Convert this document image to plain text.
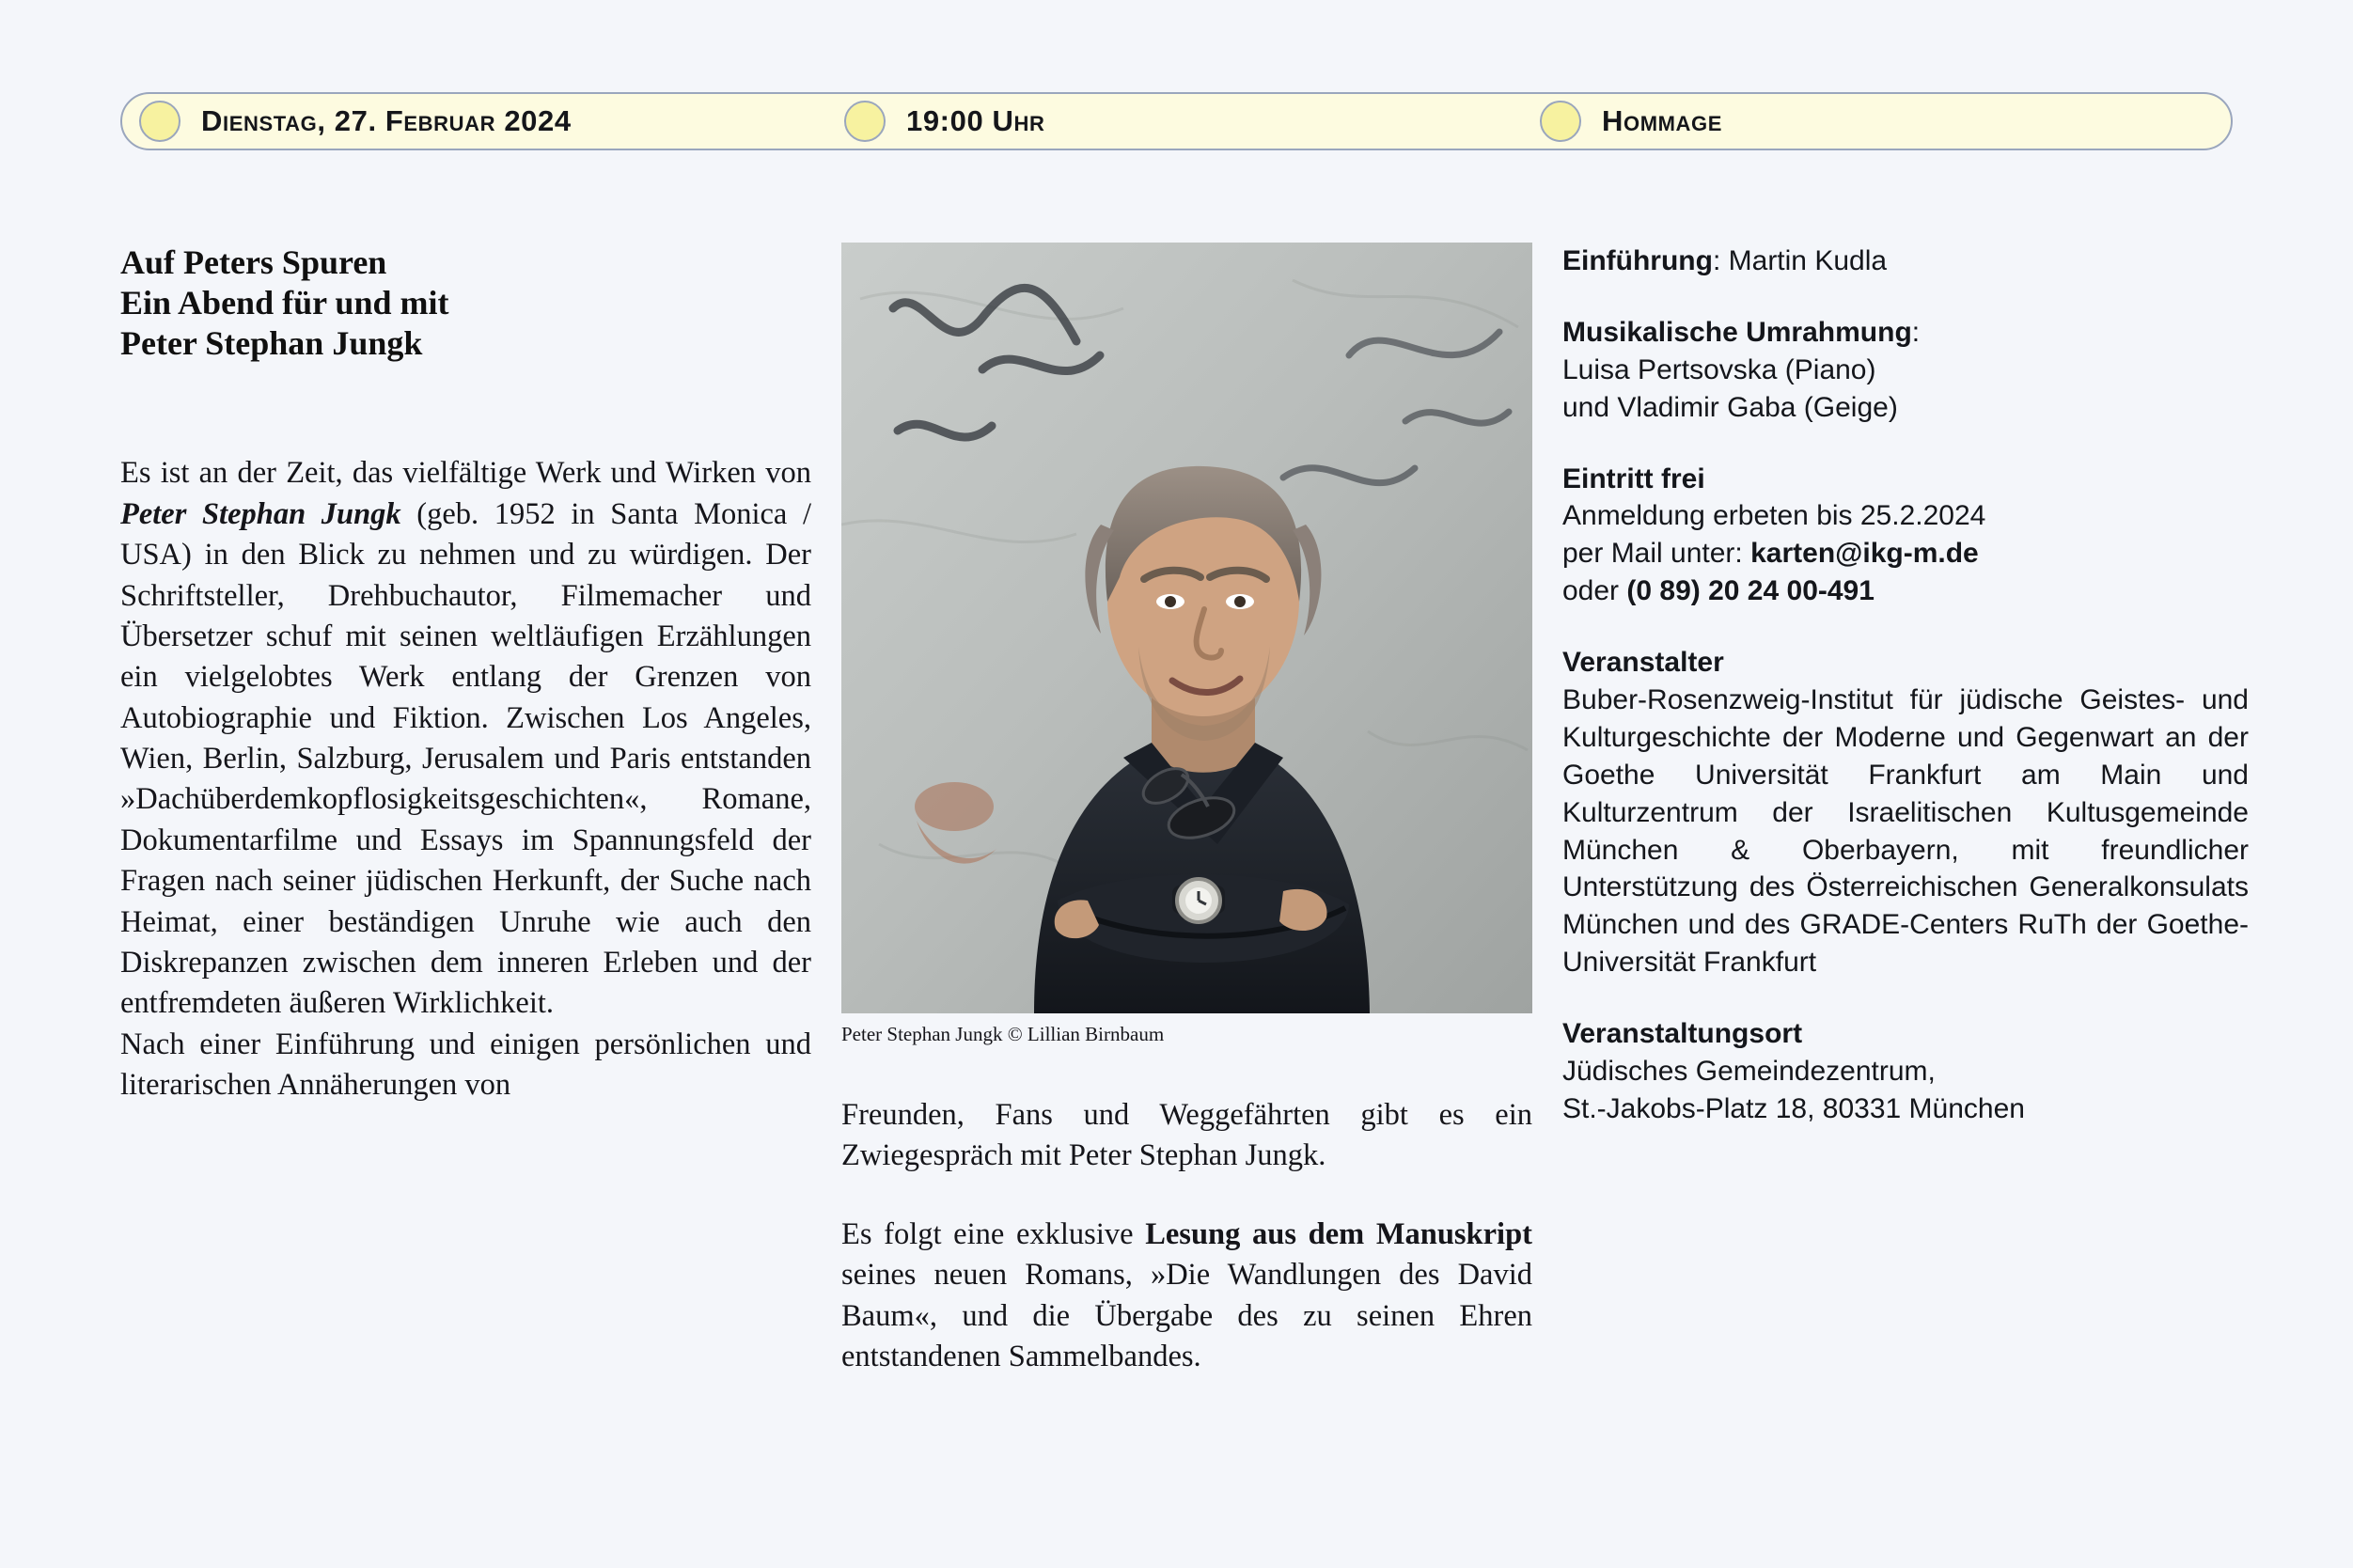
Dienstag, 27. Februar 2024	19:00 Uhr	Hommage
Auf Peters Spuren
Ein Abend für und mit
Peter Stephan Jungk

Es ist an der Zeit, das vielfältige Werk und Wirken von Peter Stephan Jungk (geb. 1952 in Santa Monica / USA) in den Blick zu nehmen und zu würdigen. Der Schriftsteller, Drehbuchautor, Filmemacher und Übersetzer schuf mit seinen weltläufigen Erzählungen ein vielgelobtes Werk entlang der Grenzen von Autobiographie und Fiktion. Zwischen Los Angeles, Wien, Berlin, Salzburg, Jerusalem und Paris entstanden »Dachüberdemkopflosigkeitsgeschichten«, Romane, Dokumentarfilme und Essays im Spannungsfeld der Fragen nach seiner jüdischen Herkunft, der Suche nach Heimat, einer beständigen Unruhe wie auch den Diskrepanzen zwischen dem inneren Erleben und der entfremdeten äußeren Wirklichkeit.

Nach einer Einführung und einigen persönlichen und literarischen Annäherungen von

Peter Stephan Jungk © Lillian Birnbaum

Freunden, Fans und Weggefährten gibt es ein Zwiegespräch mit Peter Stephan Jungk.

Es folgt eine exklusive Lesung aus dem Manuskript seines neuen Romans, »Die Wandlungen des David Baum«, und die Übergabe des zu seinen Ehren entstandenen Sammelbandes.

Einführung: Martin Kudla
Musikalische Umrahmung:
Luisa Pertsovska (Piano)
und Vladimir Gaba (Geige)
Eintritt frei
Anmeldung erbeten bis 25.2.2024
per Mail unter: karten@ikg-m.de
oder (0 89) 20 24 00-491
Veranstalter
Buber-Rosenzweig-Institut für jüdische Geistes- und Kulturgeschichte der Moderne und Gegenwart an der Goethe Universität Frankfurt am Main und Kulturzentrum der Israelitischen Kultusgemeinde München & Oberbayern, mit freundlicher Unterstützung des Österreichischen Generalkonsulats München und des GRADE-Centers RuTh der Goethe-Universität Frankfurt
Veranstaltungsort
Jüdisches Gemeindezentrum,
St.-Jakobs-Platz 18, 80331 München
